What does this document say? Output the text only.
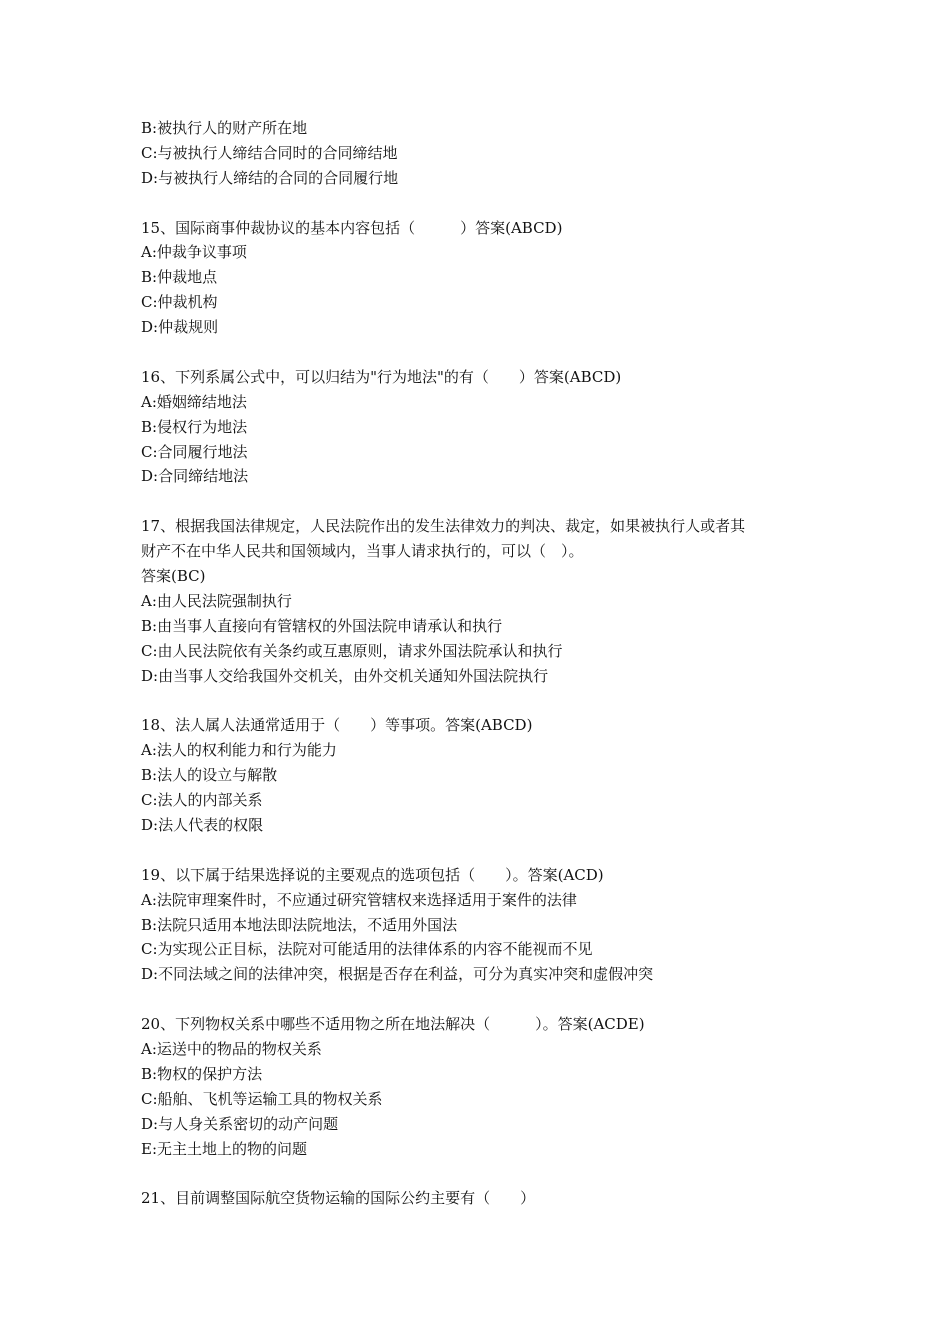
B:被执行人的财产所在地
C:与被执行人缔结合同时的合同缔结地
D:与被执行人缔结的合同的合同履行地
15、国际商事仲裁协议的基本内容包括（　　　）答案(ABCD)
A:仲裁争议事项
B:仲裁地点
C:仲裁机构
D:仲裁规则
16、下列系属公式中，可以归结为"行为地法"的有（　　）答案(ABCD)
A:婚姻缔结地法
B:侵权行为地法
C:合同履行地法
D:合同缔结地法
17、根据我国法律规定，人民法院作出的发生法律效力的判决、裁定，如果被执行人或者其
财产不在中华人民共和国领域内，当事人请求执行的，可以（　）。
答案(BC)
A:由人民法院强制执行
B:由当事人直接向有管辖权的外国法院申请承认和执行
C:由人民法院依有关条约或互惠原则，请求外国法院承认和执行
D:由当事人交给我国外交机关，由外交机关通知外国法院执行
18、法人属人法通常适用于（　　）等事项。答案(ABCD)
A:法人的权利能力和行为能力
B:法人的设立与解散
C:法人的内部关系
D:法人代表的权限
19、以下属于结果选择说的主要观点的选项包括（　　）。答案(ACD)
A:法院审理案件时，不应通过研究管辖权来选择适用于案件的法律
B:法院只适用本地法即法院地法，不适用外国法
C:为实现公正目标，法院对可能适用的法律体系的内容不能视而不见
D:不同法域之间的法律冲突，根据是否存在利益，可分为真实冲突和虚假冲突
20、下列物权关系中哪些不适用物之所在地法解决（　　　）。答案(ACDE)
A:运送中的物品的物权关系
B:物权的保护方法
C:船舶、飞机等运输工具的物权关系
D:与人身关系密切的动产问题
E:无主土地上的物的问题
21、目前调整国际航空货物运输的国际公约主要有（　　）
